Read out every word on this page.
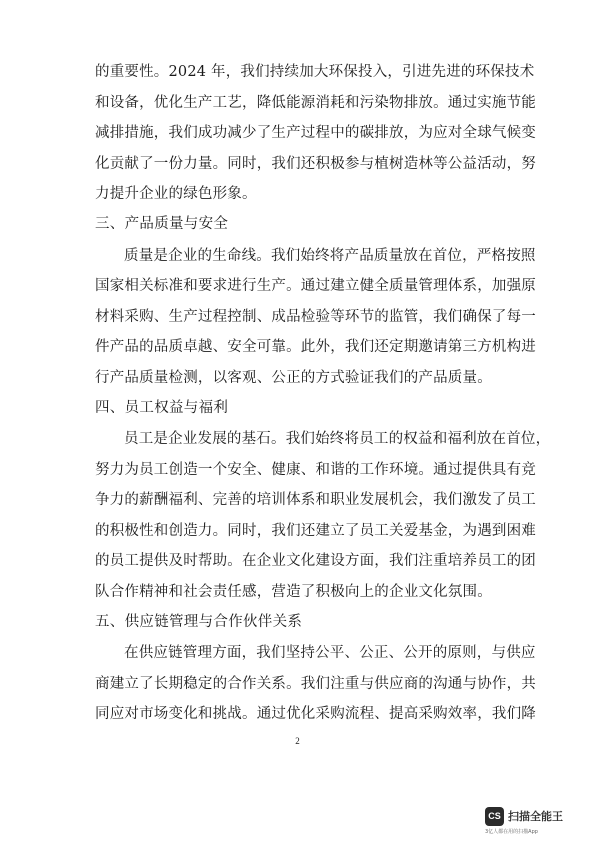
的重要性。2024 年，我们持续加大环保投入，引进先进的环保技术
和设备，优化生产工艺，降低能源消耗和污染物排放。通过实施节能
减排措施，我们成功减少了生产过程中的碳排放，为应对全球气候变
化贡献了一份力量。同时，我们还积极参与植树造林等公益活动，努
力提升企业的绿色形象。
三、产品质量与安全
质量是企业的生命线。我们始终将产品质量放在首位，严格按照
国家相关标准和要求进行生产。通过建立健全质量管理体系，加强原
材料采购、生产过程控制、成品检验等环节的监管，我们确保了每一
件产品的品质卓越、安全可靠。此外，我们还定期邀请第三方机构进
行产品质量检测，以客观、公正的方式验证我们的产品质量。
四、员工权益与福利
员工是企业发展的基石。我们始终将员工的权益和福利放在首位，
努力为员工创造一个安全、健康、和谐的工作环境。通过提供具有竞
争力的薪酬福利、完善的培训体系和职业发展机会，我们激发了员工
的积极性和创造力。同时，我们还建立了员工关爱基金，为遇到困难
的员工提供及时帮助。在企业文化建设方面，我们注重培养员工的团
队合作精神和社会责任感，营造了积极向上的企业文化氛围。
五、供应链管理与合作伙伴关系
在供应链管理方面，我们坚持公平、公正、公开的原则，与供应
商建立了长期稳定的合作关系。我们注重与供应商的沟通与协作，共
同应对市场变化和挑战。通过优化采购流程、提高采购效率，我们降
2
CS 扫描全能王
3亿人都在用的扫描App
